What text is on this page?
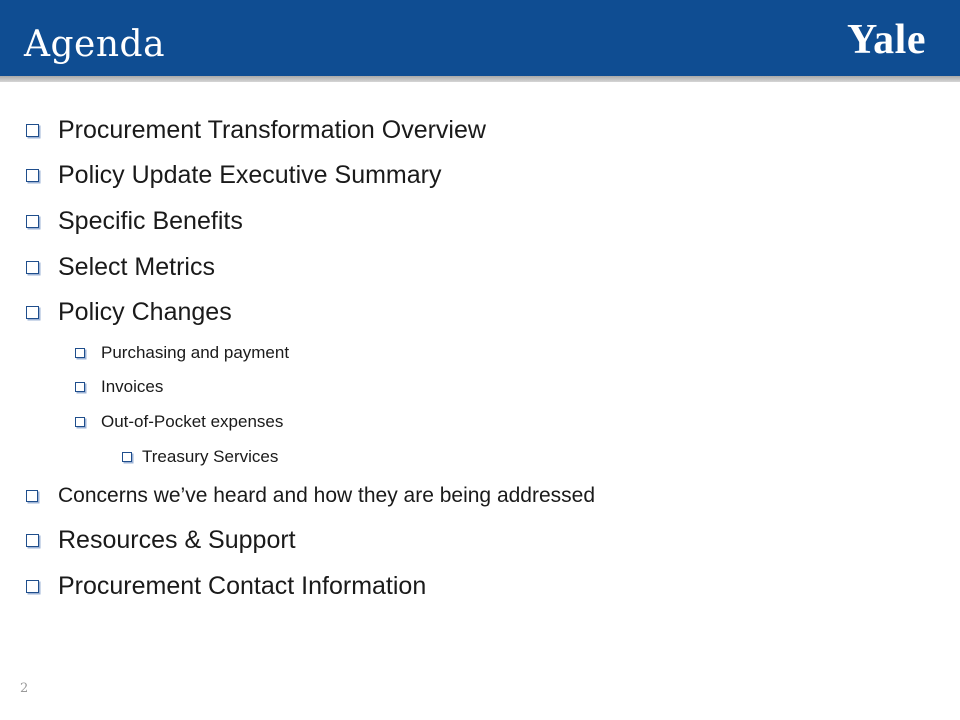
Agenda	Yale
Procurement Transformation Overview
Policy Update Executive Summary
Specific Benefits
Select Metrics
Policy Changes
Purchasing and payment
Invoices
Out-of-Pocket expenses
Treasury Services
Concerns we’ve heard and how they are being addressed
Resources & Support
Procurement Contact Information
2
